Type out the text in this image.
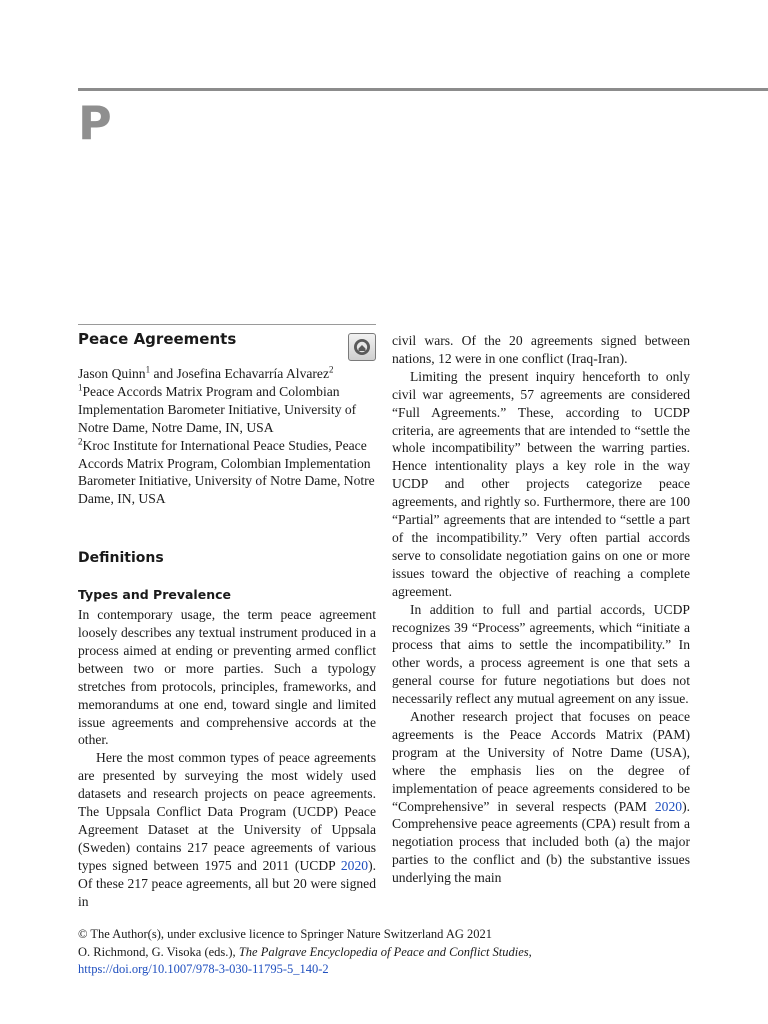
P
Peace Agreements

Jason Quinn$^1$ and Josefina Echavarría Alvarez$^2$

$^1$Peace Accords Matrix Program and Colombian Implementation Barometer Initiative, University of Notre Dame, Notre Dame, IN, USA

$^2$Kroc Institute for International Peace Studies, Peace Accords Matrix Program, Colombian Implementation Barometer Initiative, University of Notre Dame, Notre Dame, IN, USA

Definitions
Types and Prevalence

In contemporary usage, the term peace agreement loosely describes any textual instrument produced in a process aimed at ending or preventing armed conflict between two or more parties. Such a typology stretches from protocols, principles, frameworks, and memorandums at one end, toward single and limited issue agreements and comprehensive accords at the other.

Here the most common types of peace agreements are presented by surveying the most widely used datasets and research projects on peace agreements. The Uppsala Conflict Data Program (UCDP) Peace Agreement Dataset at the University of Uppsala (Sweden) contains 217 peace agreements of various types signed between 1975 and 2011 (UCDP 2020). Of these 217 peace agreements, all but 20 were signed in

civil wars. Of the 20 agreements signed between nations, 12 were in one conflict (Iraq-Iran).

Limiting the present inquiry henceforth to only civil war agreements, 57 agreements are considered “Full Agreements.” These, according to UCDP criteria, are agreements that are intended to “settle the whole incompatibility” between the warring parties. Hence intentionality plays a key role in the way UCDP and other projects categorize peace agreements, and rightly so. Furthermore, there are 100 “Partial” agreements that are intended to “settle a part of the incompatibility.” Very often partial accords serve to consolidate negotiation gains on one or more issues toward the objective of reaching a complete agreement.

In addition to full and partial accords, UCDP recognizes 39 “Process” agreements, which “initiate a process that aims to settle the incompatibility.” In other words, a process agreement is one that sets a general course for future negotiations but does not necessarily reflect any mutual agreement on any issue.

Another research project that focuses on peace agreements is the Peace Accords Matrix (PAM) program at the University of Notre Dame (USA), where the emphasis lies on the degree of implementation of peace agreements considered to be “Comprehensive” in several respects (PAM 2020). Comprehensive peace agreements (CPA) result from a negotiation process that included both (a) the major parties to the conflict and (b) the substantive issues underlying the main

© The Author(s), under exclusive licence to Springer Nature Switzerland AG 2021
O. Richmond, G. Visoka (eds.), The Palgrave Encyclopedia of Peace and Conflict Studies,
https://doi.org/10.1007/978-3-030-11795-5_140-2
